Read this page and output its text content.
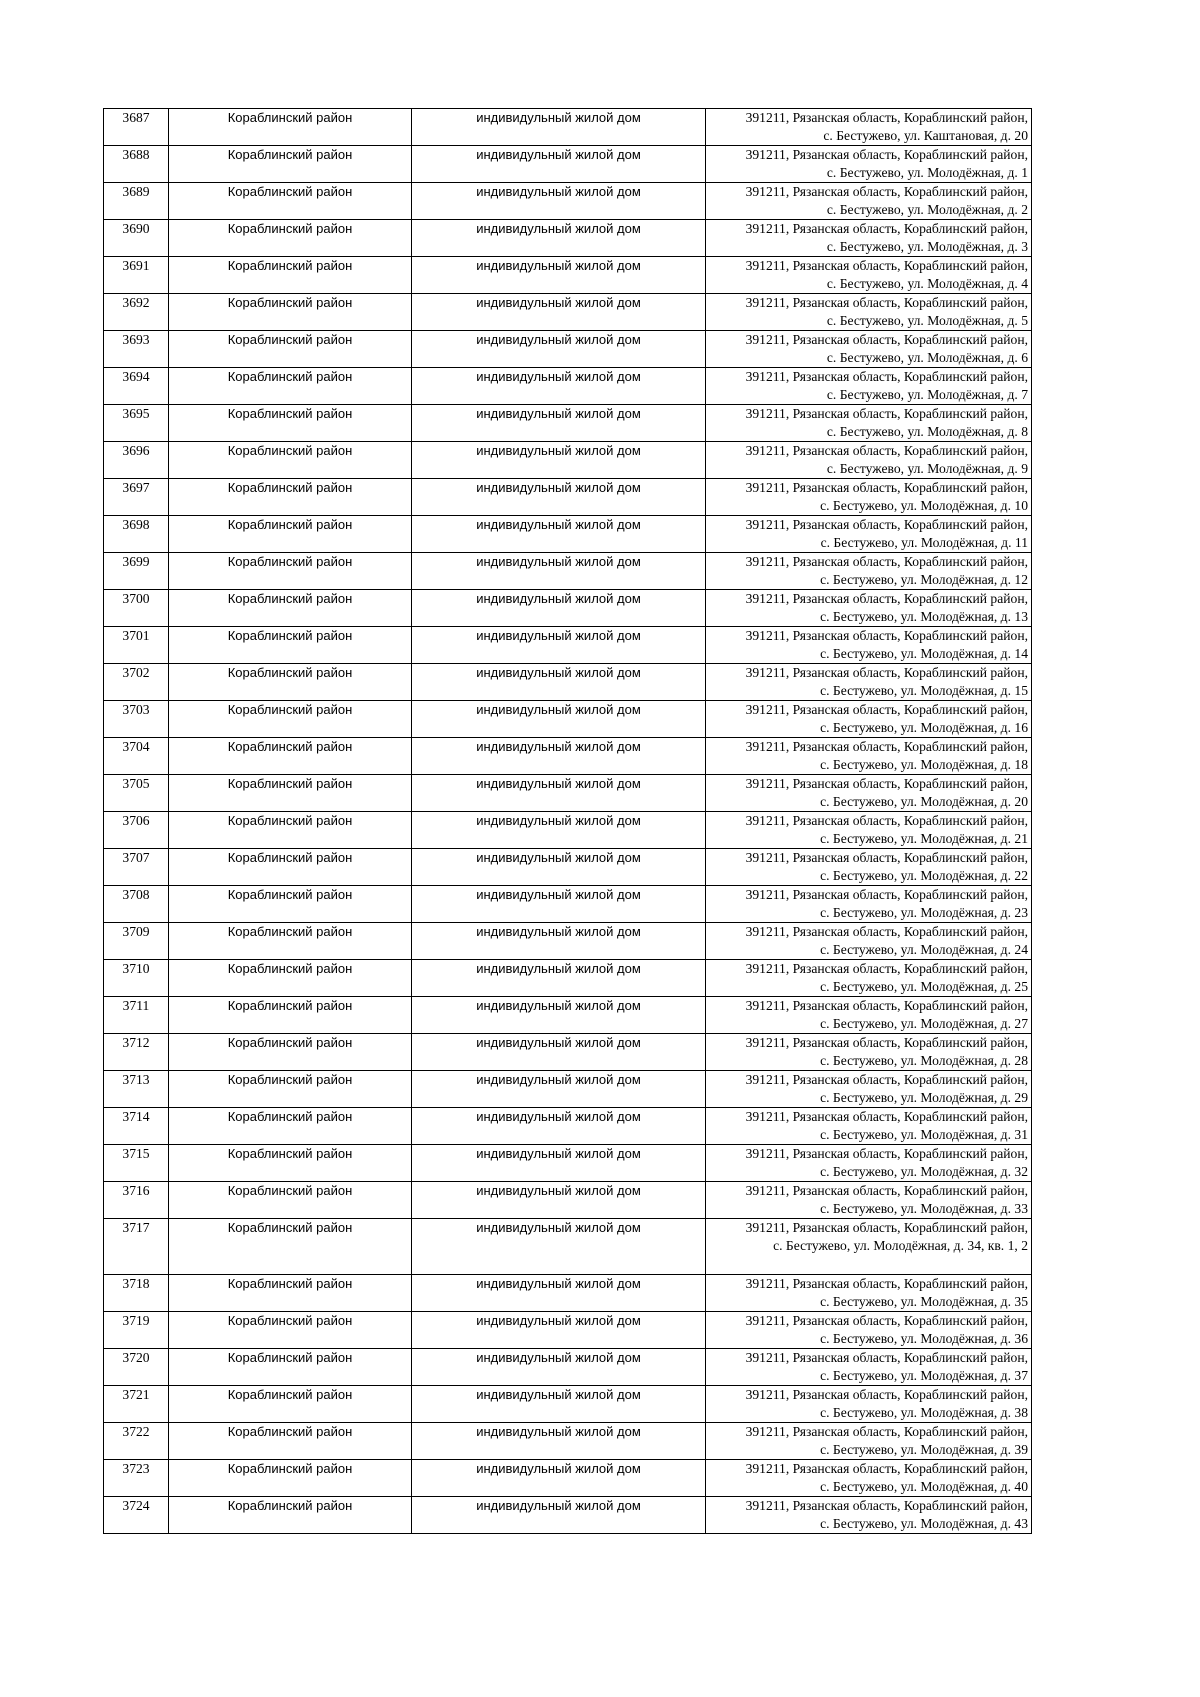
3687	Кораблинский район	индивидульный жилой дом	391211, Рязанская область, Кораблинский район,
с. Бестужево, ул. Каштановая, д. 20

3688	Кораблинский район	индивидульный жилой дом	391211, Рязанская область, Кораблинский район,
с. Бестужево, ул. Молодёжная, д. 1

3689	Кораблинский район	индивидульный жилой дом	391211, Рязанская область, Кораблинский район,
с. Бестужево, ул. Молодёжная, д. 2

3690	Кораблинский район	индивидульный жилой дом	391211, Рязанская область, Кораблинский район,
с. Бестужево, ул. Молодёжная, д. 3

3691	Кораблинский район	индивидульный жилой дом	391211, Рязанская область, Кораблинский район,
с. Бестужево, ул. Молодёжная, д. 4

3692	Кораблинский район	индивидульный жилой дом	391211, Рязанская область, Кораблинский район,
с. Бестужево, ул. Молодёжная, д. 5

3693	Кораблинский район	индивидульный жилой дом	391211, Рязанская область, Кораблинский район,
с. Бестужево, ул. Молодёжная, д. 6

3694	Кораблинский район	индивидульный жилой дом	391211, Рязанская область, Кораблинский район,
с. Бестужево, ул. Молодёжная, д. 7

3695	Кораблинский район	индивидульный жилой дом	391211, Рязанская область, Кораблинский район,
с. Бестужево, ул. Молодёжная, д. 8

3696	Кораблинский район	индивидульный жилой дом	391211, Рязанская область, Кораблинский район,
с. Бестужево, ул. Молодёжная, д. 9

3697	Кораблинский район	индивидульный жилой дом	391211, Рязанская область, Кораблинский район,
с. Бестужево, ул. Молодёжная, д. 10

3698	Кораблинский район	индивидульный жилой дом	391211, Рязанская область, Кораблинский район,
с. Бестужево, ул. Молодёжная, д. 11

3699	Кораблинский район	индивидульный жилой дом	391211, Рязанская область, Кораблинский район,
с. Бестужево, ул. Молодёжная, д. 12

3700	Кораблинский район	индивидульный жилой дом	391211, Рязанская область, Кораблинский район,
с. Бестужево, ул. Молодёжная, д. 13

3701	Кораблинский район	индивидульный жилой дом	391211, Рязанская область, Кораблинский район,
с. Бестужево, ул. Молодёжная, д. 14

3702	Кораблинский район	индивидульный жилой дом	391211, Рязанская область, Кораблинский район,
с. Бестужево, ул. Молодёжная, д. 15

3703	Кораблинский район	индивидульный жилой дом	391211, Рязанская область, Кораблинский район,
с. Бестужево, ул. Молодёжная, д. 16

3704	Кораблинский район	индивидульный жилой дом	391211, Рязанская область, Кораблинский район,
с. Бестужево, ул. Молодёжная, д. 18

3705	Кораблинский район	индивидульный жилой дом	391211, Рязанская область, Кораблинский район,
с. Бестужево, ул. Молодёжная, д. 20

3706	Кораблинский район	индивидульный жилой дом	391211, Рязанская область, Кораблинский район,
с. Бестужево, ул. Молодёжная, д. 21

3707	Кораблинский район	индивидульный жилой дом	391211, Рязанская область, Кораблинский район,
с. Бестужево, ул. Молодёжная, д. 22

3708	Кораблинский район	индивидульный жилой дом	391211, Рязанская область, Кораблинский район,
с. Бестужево, ул. Молодёжная, д. 23

3709	Кораблинский район	индивидульный жилой дом	391211, Рязанская область, Кораблинский район,
с. Бестужево, ул. Молодёжная, д. 24

3710	Кораблинский район	индивидульный жилой дом	391211, Рязанская область, Кораблинский район,
с. Бестужево, ул. Молодёжная, д. 25

3711	Кораблинский район	индивидульный жилой дом	391211, Рязанская область, Кораблинский район,
с. Бестужево, ул. Молодёжная, д. 27

3712	Кораблинский район	индивидульный жилой дом	391211, Рязанская область, Кораблинский район,
с. Бестужево, ул. Молодёжная, д. 28

3713	Кораблинский район	индивидульный жилой дом	391211, Рязанская область, Кораблинский район,
с. Бестужево, ул. Молодёжная, д. 29

3714	Кораблинский район	индивидульный жилой дом	391211, Рязанская область, Кораблинский район,
с. Бестужево, ул. Молодёжная, д. 31

3715	Кораблинский район	индивидульный жилой дом	391211, Рязанская область, Кораблинский район,
с. Бестужево, ул. Молодёжная, д. 32

3716	Кораблинский район	индивидульный жилой дом	391211, Рязанская область, Кораблинский район,
с. Бестужево, ул. Молодёжная, д. 33

3717	Кораблинский район	индивидульный жилой дом	391211, Рязанская область, Кораблинский район,
с. Бестужево, ул. Молодёжная, д. 34, кв. 1, 2

3718	Кораблинский район	индивидульный жилой дом	391211, Рязанская область, Кораблинский район,
с. Бестужево, ул. Молодёжная, д. 35

3719	Кораблинский район	индивидульный жилой дом	391211, Рязанская область, Кораблинский район,
с. Бестужево, ул. Молодёжная, д. 36

3720	Кораблинский район	индивидульный жилой дом	391211, Рязанская область, Кораблинский район,
с. Бестужево, ул. Молодёжная, д. 37

3721	Кораблинский район	индивидульный жилой дом	391211, Рязанская область, Кораблинский район,
с. Бестужево, ул. Молодёжная, д. 38

3722	Кораблинский район	индивидульный жилой дом	391211, Рязанская область, Кораблинский район,
с. Бестужево, ул. Молодёжная, д. 39

3723	Кораблинский район	индивидульный жилой дом	391211, Рязанская область, Кораблинский район,
с. Бестужево, ул. Молодёжная, д. 40

3724	Кораблинский район	индивидульный жилой дом	391211, Рязанская область, Кораблинский район,
с. Бестужево, ул. Молодёжная, д. 43
